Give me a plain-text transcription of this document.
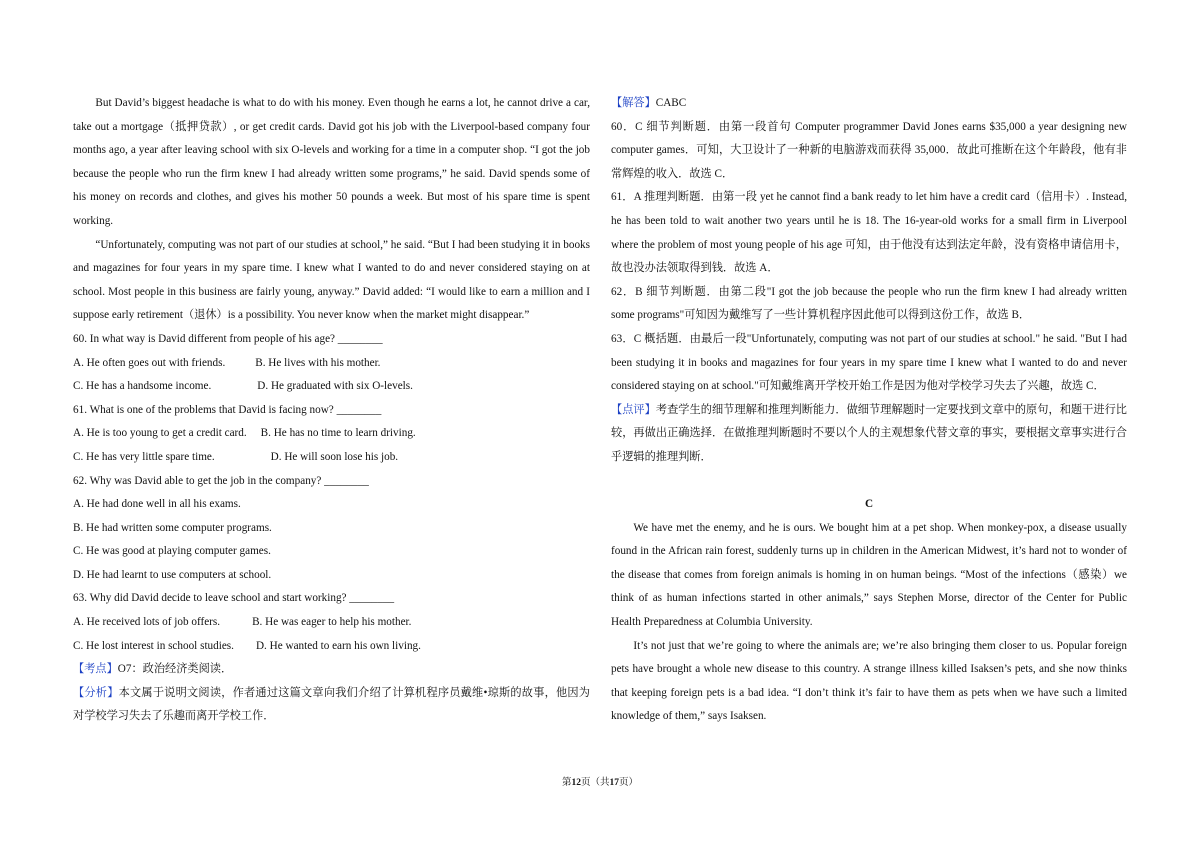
But David’s biggest headache is what to do with his money. Even though he earns a lot, he cannot drive a car, take out a mortgage（抵押贷款）, or get credit cards. David got his job with the Liverpool-based company four months ago, a year after leaving school with six O-levels and working for a time in a computer shop. “I got the job because the people who run the firm knew I had already written some programs,” he said. David spends some of his money on records and clothes, and gives his mother 50 pounds a week. But most of his spare time is spent working.

“Unfortunately, computing was not part of our studies at school,” he said. “But I had been studying it in books and magazines for four years in my spare time. I knew what I wanted to do and never considered staying on at school. Most people in this business are fairly young, anyway.” David added: “I would like to earn a million and I suppose early retirement（退休）is a possibility. You never know when the market might disappear.”

60. In what way is David different from people of his age? ________

A. He often goes out with friends.	B. He lives with his mother.

C. He has a handsome income.	D. He graduated with six O-levels.

61. What is one of the problems that David is facing now? ________

A. He is too young to get a credit card. B. He has no time to learn driving.

C. He has very little spare time.	D. He will soon lose his job.

62. Why was David able to get the job in the company? ________

A. He had done well in all his exams.

B. He had written some computer programs.

C. He was good at playing computer games.

D. He had learnt to use computers at school.

63. Why did David decide to leave school and start working? ________

A. He received lots of job offers.	B. He was eager to help his mother.

C. He lost interest in school studies. D. He wanted to earn his own living.

【考点】O7：政治经济类阅读．

【分析】本文属于说明文阅读，作者通过这篇文章向我们介绍了计算机程序员戴维•琼斯的故事，他因为对学校学习失去了乐趣而离开学校工作．

【解答】CABC

60．C 细节判断题．由第一段首句 Computer programmer David Jones earns $35,000 a year designing new computer games．可知，大卫设计了一种新的电脑游戏而获得 35,000．故此可推断在这个年龄段，他有非常辉煌的收入．故选 C．

61．A 推理判断题．由第一段 yet he cannot find a bank ready to let him have a credit card（信用卡）. Instead, he has been told to wait another two years until he is 18. The 16-year-old works for a small firm in Liverpool where the problem of most young people of his age 可知，由于他没有达到法定年龄，没有资格申请信用卡，故也没办法领取得到钱．故选 A．

62．B 细节判断题．由第二段"I got the job because the people who run the firm knew I had already written some programs"可知因为戴维写了一些计算机程序因此他可以得到这份工作，故选 B．

63．C 概括题．由最后一段"Unfortunately, computing was not part of our studies at school." he said. "But I had been studying it in books and magazines for four years in my spare time I knew what I wanted to do and never considered staying on at school."可知戴维离开学校开始工作是因为他对学校学习失去了兴趣，故选 C．

【点评】考查学生的细节理解和推理判断能力．做细节理解题时一定要找到文章中的原句，和题干进行比较，再做出正确选择．在做推理判断题时不要以个人的主观想象代替文章的事实，要根据文章事实进行合乎逻辑的推理判断．

C

We have met the enemy, and he is ours. We bought him at a pet shop. When monkey-pox, a disease usually found in the African rain forest, suddenly turns up in children in the American Midwest, it’s hard not to wonder of the disease that comes from foreign animals is homing in on human beings. “Most of the infections（感染）we think of as human infections started in other animals,” says Stephen Morse, director of the Center for Public Health Preparedness at Columbia University.

It’s not just that we’re going to where the animals are; we’re also bringing them closer to us. Popular foreign pets have brought a whole new disease to this country. A strange illness killed Isaksen’s pets, and she now thinks that keeping foreign pets is a bad idea. “I don’t think it’s fair to have them as pets when we have such a limited knowledge of them,” says Isaksen.

第12页（共17页）
